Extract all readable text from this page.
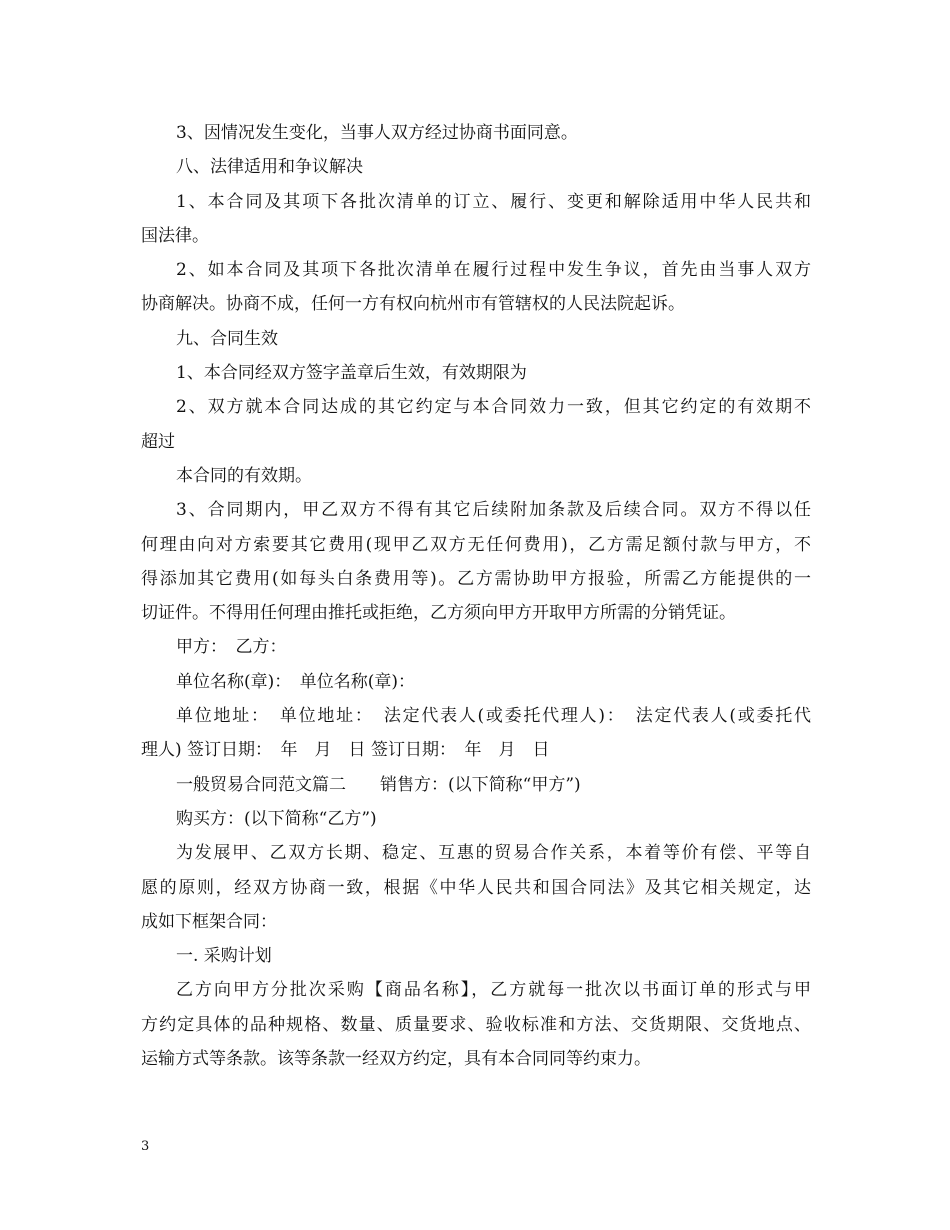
3、因情况发生变化，当事人双方经过协商书面同意。
八、法律适用和争议解决
1、本合同及其项下各批次清单的订立、履行、变更和解除适用中华人民共和
国法律。
2、如本合同及其项下各批次清单在履行过程中发生争议，首先由当事人双方
协商解决。协商不成，任何一方有权向杭州市有管辖权的人民法院起诉。
九、合同生效
1、本合同经双方签字盖章后生效，有效期限为
2、双方就本合同达成的其它约定与本合同效力一致，但其它约定的有效期不
超过
本合同的有效期。
3、合同期内，甲乙双方不得有其它后续附加条款及后续合同。双方不得以任
何理由向对方索要其它费用(现甲乙双方无任何费用)，乙方需足额付款与甲方，不
得添加其它费用(如每头白条费用等)。乙方需协助甲方报验，所需乙方能提供的一
切证件。不得用任何理由推托或拒绝，乙方须向甲方开取甲方所需的分销凭证。
甲方：　乙方：
单位名称(章)：　单位名称(章)：
单位地址：　单位地址：　法定代表人(或委托代理人)：　法定代表人(或委托代
理人) 签订日期：　年　月　日 签订日期：　年　月　日
一般贸易合同范文篇二　　销售方：(以下简称“甲方”)
购买方：(以下简称“乙方”)
为发展甲、乙双方长期、稳定、互惠的贸易合作关系，本着等价有偿、平等自
愿的原则，经双方协商一致，根据《中华人民共和国合同法》及其它相关规定，达
成如下框架合同：
一. 采购计划
乙方向甲方分批次采购【商品名称】，乙方就每一批次以书面订单的形式与甲
方约定具体的品种规格、数量、质量要求、验收标准和方法、交货期限、交货地点、
运输方式等条款。该等条款一经双方约定，具有本合同同等约束力。
3
